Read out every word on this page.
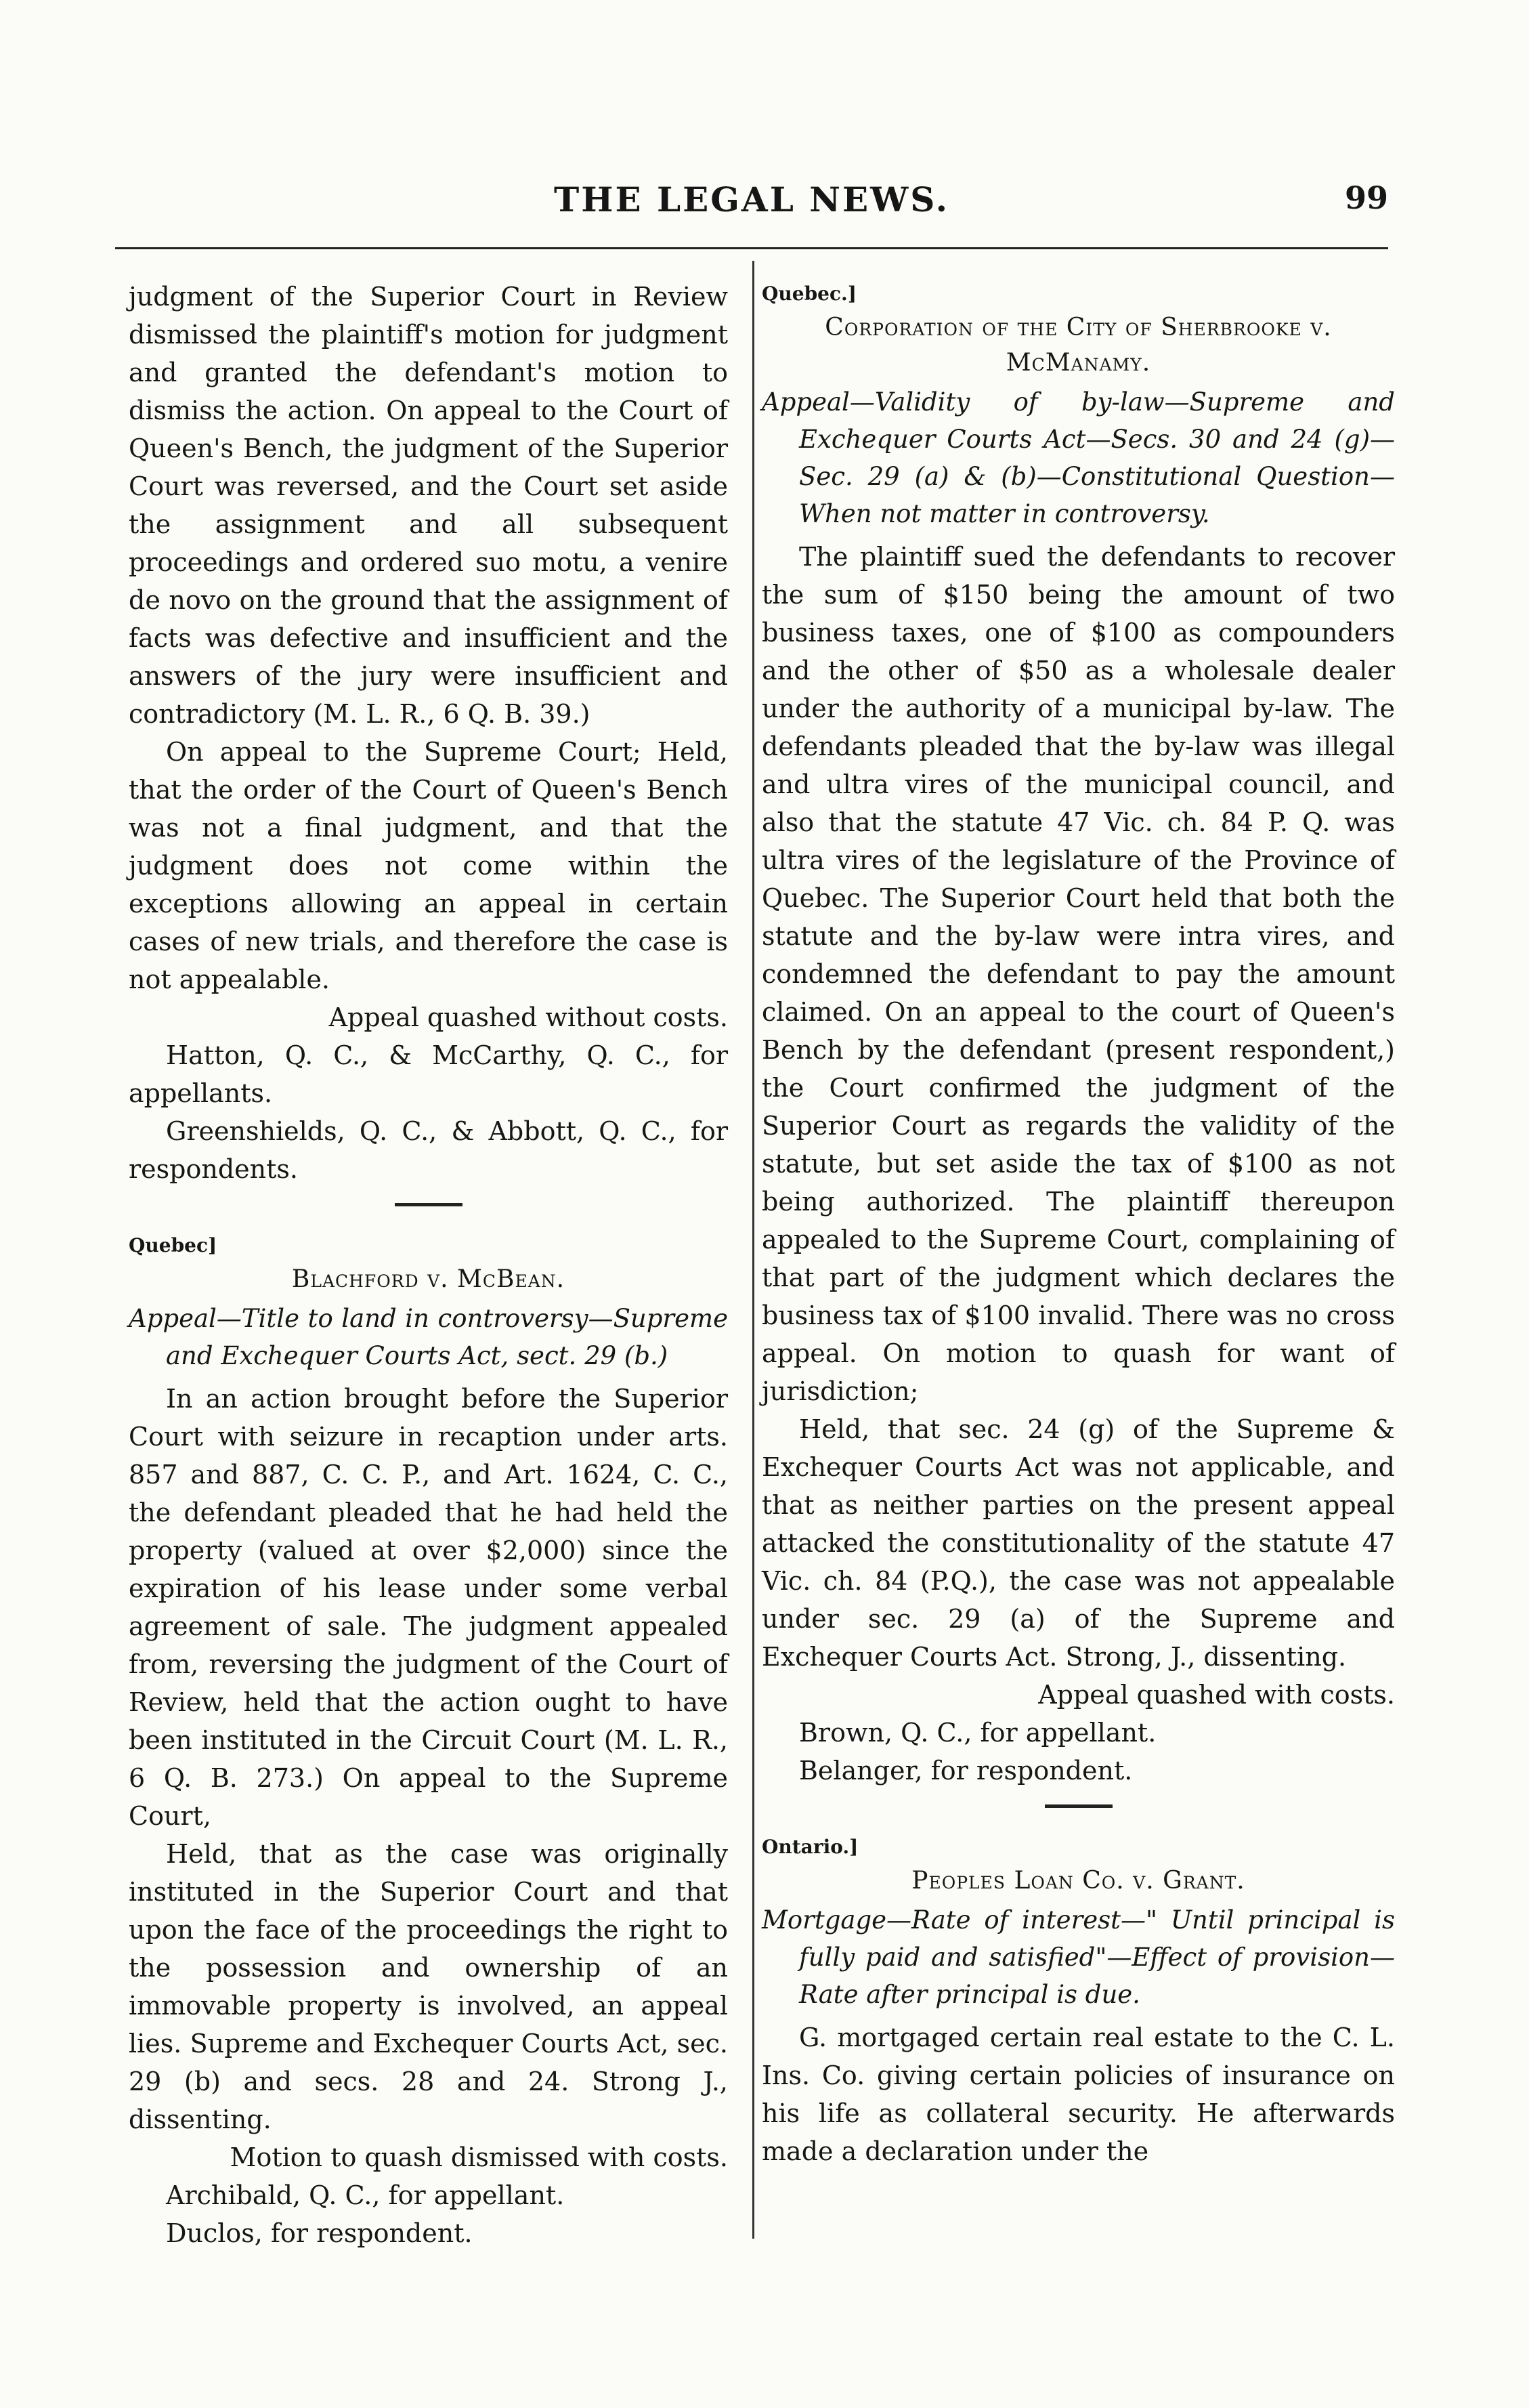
THE LEGAL NEWS.	99

judgment of the Superior Court in Review dismissed the plaintiff's motion for judgment and granted the defendant's motion to dismiss the action. On appeal to the Court of Queen's Bench, the judgment of the Superior Court was reversed, and the Court set aside the assignment and all subsequent proceedings and ordered suo motu, a venire de novo on the ground that the assignment of facts was defective and insufficient and the answers of the jury were insufficient and contradictory (M. L. R., 6 Q. B. 39.)

On appeal to the Supreme Court; Held, that the order of the Court of Queen's Bench was not a final judgment, and that the judgment does not come within the exceptions allowing an appeal in certain cases of new trials, and therefore the case is not appealable.

Appeal quashed without costs.

Hatton, Q. C., & McCarthy, Q. C., for appellants.

Greenshields, Q. C., & Abbott, Q. C., for respondents.

Quebec]
Blachford v. McBean.
Appeal—Title to land in controversy—Supreme and Exchequer Courts Act, sect. 29 (b.)

In an action brought before the Superior Court with seizure in recaption under arts. 857 and 887, C. C. P., and Art. 1624, C. C., the defendant pleaded that he had held the property (valued at over $2,000) since the expiration of his lease under some verbal agreement of sale. The judgment appealed from, reversing the judgment of the Court of Review, held that the action ought to have been instituted in the Circuit Court (M. L. R., 6 Q. B. 273.) On appeal to the Supreme Court,

Held, that as the case was originally instituted in the Superior Court and that upon the face of the proceedings the right to the possession and ownership of an immovable property is involved, an appeal lies. Supreme and Exchequer Courts Act, sec. 29 (b) and secs. 28 and 24. Strong J., dissenting.

Motion to quash dismissed with costs.

Archibald, Q. C., for appellant.

Duclos, for respondent.

Quebec.]
Corporation of the City of Sherbrooke v. McManamy.
Appeal—Validity of by-law—Supreme and Exchequer Courts Act—Secs. 30 and 24 (g)—Sec. 29 (a) & (b)—Constitutional Question—When not matter in controversy.

The plaintiff sued the defendants to recover the sum of $150 being the amount of two business taxes, one of $100 as compounders and the other of $50 as a wholesale dealer under the authority of a municipal by-law. The defendants pleaded that the by-law was illegal and ultra vires of the municipal council, and also that the statute 47 Vic. ch. 84 P. Q. was ultra vires of the legislature of the Province of Quebec. The Superior Court held that both the statute and the by-law were intra vires, and condemned the defendant to pay the amount claimed. On an appeal to the court of Queen's Bench by the defendant (present respondent,) the Court confirmed the judgment of the Superior Court as regards the validity of the statute, but set aside the tax of $100 as not being authorized. The plaintiff thereupon appealed to the Supreme Court, complaining of that part of the judgment which declares the business tax of $100 invalid. There was no cross appeal. On motion to quash for want of jurisdiction;

Held, that sec. 24 (g) of the Supreme & Exchequer Courts Act was not applicable, and that as neither parties on the present appeal attacked the constitutionality of the statute 47 Vic. ch. 84 (P.Q.), the case was not appealable under sec. 29 (a) of the Supreme and Exchequer Courts Act. Strong, J., dissenting.

Appeal quashed with costs.

Brown, Q. C., for appellant.

Belanger, for respondent.

Ontario.]
Peoples Loan Co. v. Grant.
Mortgage—Rate of interest—" Until principal is fully paid and satisfied"—Effect of provision—Rate after principal is due.

G. mortgaged certain real estate to the C. L. Ins. Co. giving certain policies of insurance on his life as collateral security. He afterwards made a declaration under the
